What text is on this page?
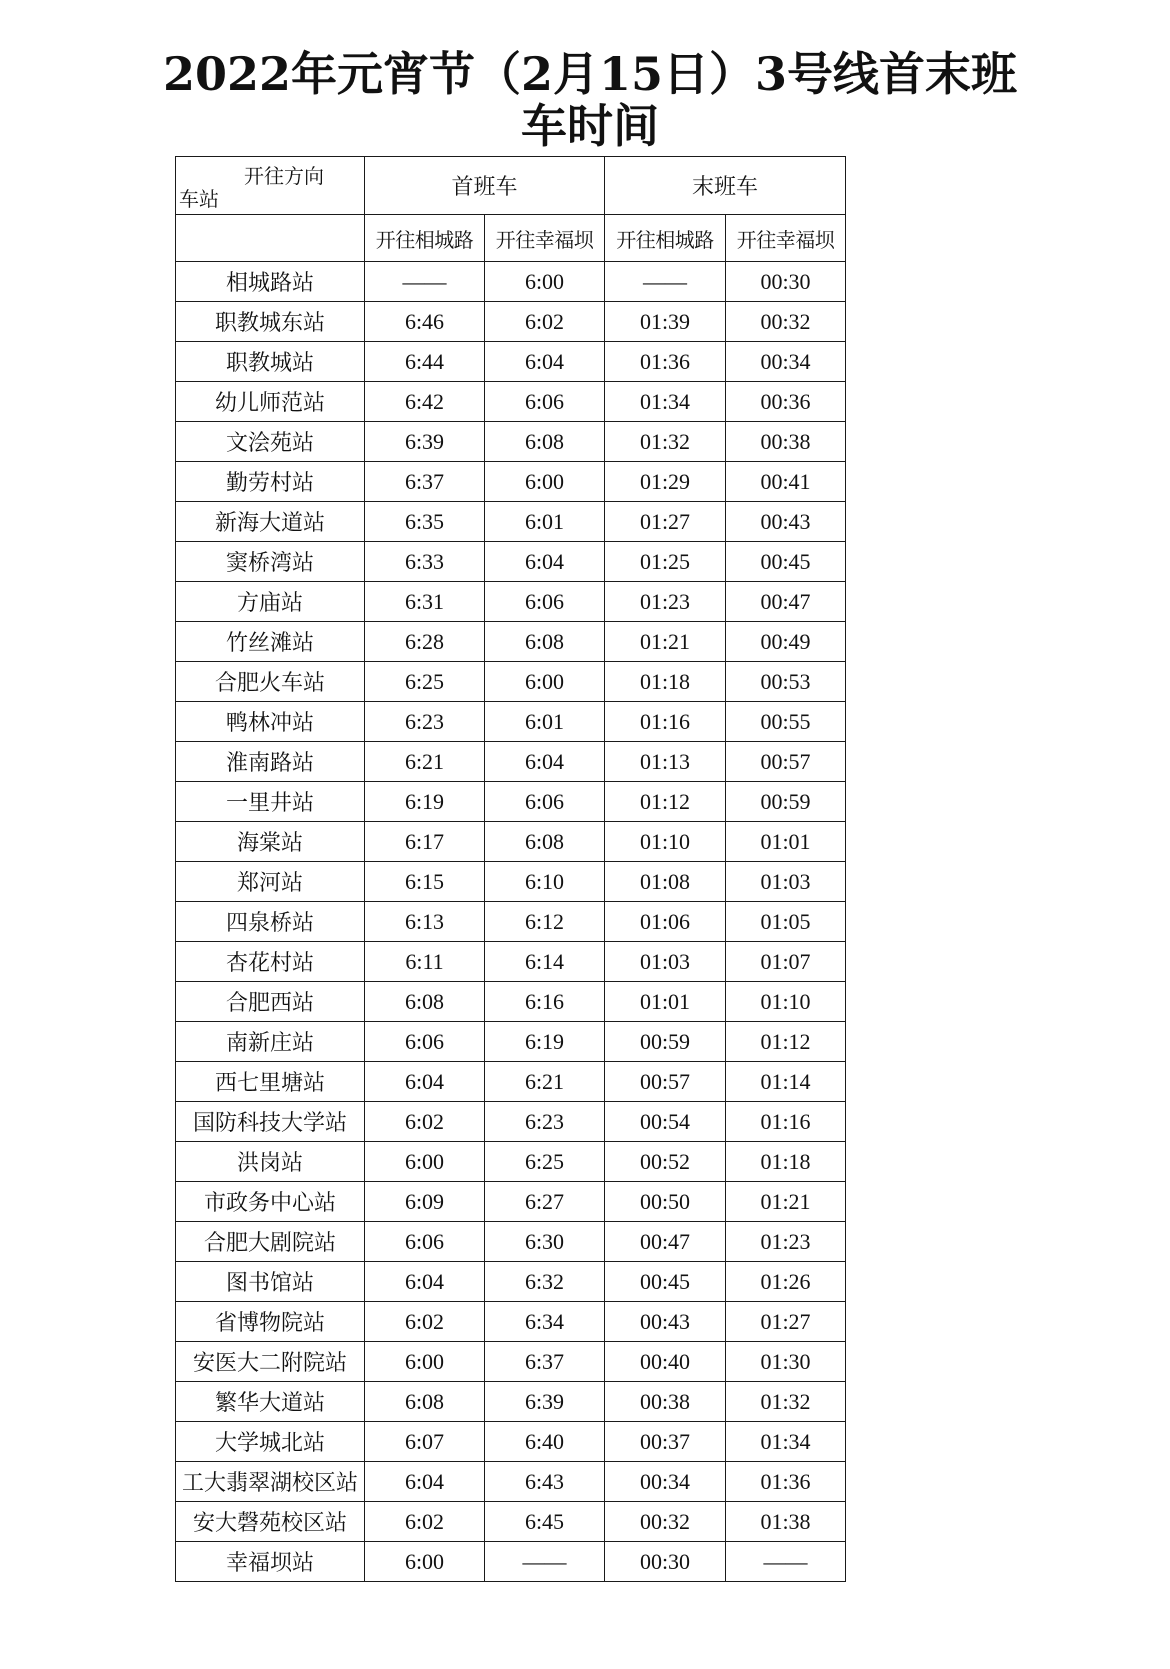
2022年元宵节（2月15日）3号线首末班
车时间
开往方向
车站	首班车		末班车	
	开往相城路	开往幸福坝	开往相城路	开往幸福坝
相城路站	——	6:00	——	00:30
职教城东站	6:46	6:02	01:39	00:32
职教城站	6:44	6:04	01:36	00:34
幼儿师范站	6:42	6:06	01:34	00:36
文浍苑站	6:39	6:08	01:32	00:38
勤劳村站	6:37	6:00	01:29	00:41
新海大道站	6:35	6:01	01:27	00:43
窦桥湾站	6:33	6:04	01:25	00:45
方庙站	6:31	6:06	01:23	00:47
竹丝滩站	6:28	6:08	01:21	00:49
合肥火车站	6:25	6:00	01:18	00:53
鸭林冲站	6:23	6:01	01:16	00:55
淮南路站	6:21	6:04	01:13	00:57
一里井站	6:19	6:06	01:12	00:59
海棠站	6:17	6:08	01:10	01:01
郑河站	6:15	6:10	01:08	01:03
四泉桥站	6:13	6:12	01:06	01:05
杏花村站	6:11	6:14	01:03	01:07
合肥西站	6:08	6:16	01:01	01:10
南新庄站	6:06	6:19	00:59	01:12
西七里塘站	6:04	6:21	00:57	01:14
国防科技大学站	6:02	6:23	00:54	01:16
洪岗站	6:00	6:25	00:52	01:18
市政务中心站	6:09	6:27	00:50	01:21
合肥大剧院站	6:06	6:30	00:47	01:23
图书馆站	6:04	6:32	00:45	01:26
省博物院站	6:02	6:34	00:43	01:27
安医大二附院站	6:00	6:37	00:40	01:30
繁华大道站	6:08	6:39	00:38	01:32
大学城北站	6:07	6:40	00:37	01:34
工大翡翠湖校区站	6:04	6:43	00:34	01:36
安大磬苑校区站	6:02	6:45	00:32	01:38
幸福坝站	6:00	——	00:30	——
